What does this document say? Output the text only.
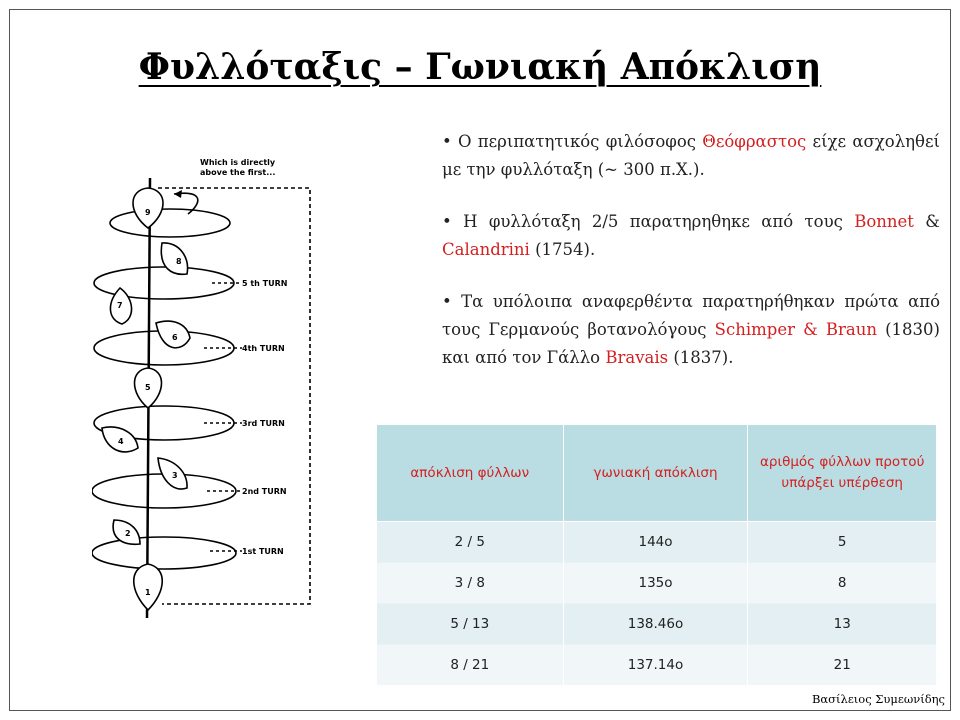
Φυλλόταξις – Γωνιακή Απόκλιση

• Ο περιπατητικός φιλόσοφος Θεόφραστος είχε ασχοληθεί με την φυλλόταξη (~ 300 π.Χ.).

• Η φυλλόταξη 2/5 παρατηρηθηκε από τους Bonnet & Calandrini (1754).

• Τα υπόλοιπα αναφερθέντα παρατηρήθηκαν πρώτα από τους Γερμανούς βοτανολόγους Schimper & Braun (1830) και από τον Γάλλο Bravais (1837).

Which is directly
above the first...
5 th TURN
4th TURN
3rd TURN
2nd TURN
1st TURN
9
8
7
6
5
4
3
2
1
απόκλιση φύλλων	γωνιακή απόκλιση	αριθμός φύλλων προτού υπάρξει υπέρθεση
2 / 5	144ο	5
3 / 8	135ο	8
5 / 13	138.46ο	13
8 / 21	137.14ο	21
Βασίλειος Συμεωνίδης
